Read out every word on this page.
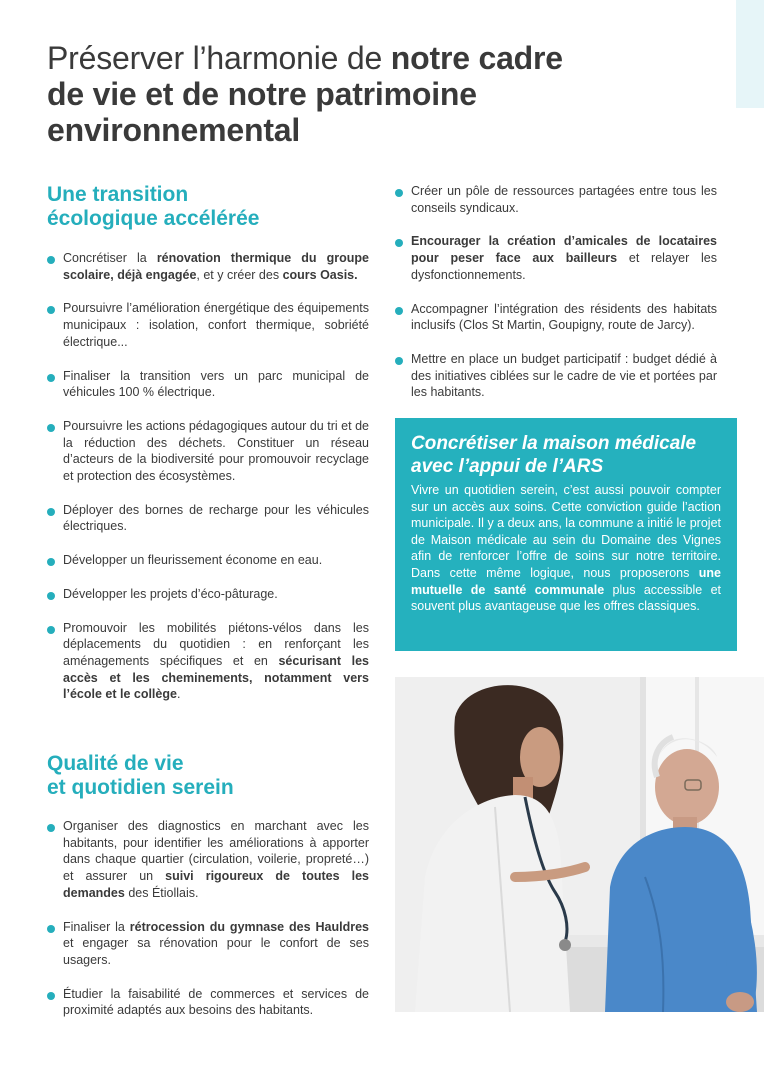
Préserver l’harmonie de notre cadre
de vie et de notre patrimoine
environnemental
Une transition
écologique accélérée
Concrétiser la rénovation thermique du groupe scolaire, déjà engagée, et y créer des cours Oasis.
Poursuivre l’amélioration énergétique des équipements municipaux : isolation, confort thermique, sobriété électrique...
Finaliser la transition vers un parc municipal de véhicules 100 % électrique.
Poursuivre les actions pédagogiques autour du tri et de la réduction des déchets. Constituer un réseau d’acteurs de la biodiversité pour promouvoir recyclage et protection des écosystèmes.
Déployer des bornes de recharge pour les véhicules électriques.
Développer un fleurissement économe en eau.
Développer les projets d’éco-pâturage.
Promouvoir les mobilités piétons-vélos dans les déplacements du quotidien : en renforçant les aménagements spécifiques et en sécurisant les accès et les cheminements, notamment vers l’école et le collège.
Qualité de vie
et quotidien serein
Organiser des diagnostics en marchant avec les habitants, pour identifier les améliorations à apporter dans chaque quartier (circulation, voilerie, propreté…) et assurer un suivi rigoureux de toutes les demandes des Étiollais.
Finaliser la rétrocession du gymnase des Hauldres et engager sa rénovation pour le confort de ses usagers.
Étudier la faisabilité de commerces et services de proximité adaptés aux besoins des habitants.
Créer un pôle de ressources partagées entre tous les conseils syndicaux.
Encourager la création d’amicales de locataires pour peser face aux bailleurs et relayer les dysfonctionnements.
Accompagner l’intégration des résidents des habitats inclusifs (Clos St Martin, Goupigny, route de Jarcy).
Mettre en place un budget participatif : budget dédié à des initiatives ciblées sur le cadre de vie et portées par les habitants.
Concrétiser la maison médicale
avec l’appui de l’ARS
Vivre un quotidien serein, c’est aussi pouvoir compter sur un accès aux soins. Cette conviction guide l’action municipale. Il y a deux ans, la commune a initié le projet de Maison médicale au sein du Domaine des Vignes afin de renforcer l’offre de soins sur notre territoire. Dans cette même logique, nous proposerons une mutuelle de santé communale plus accessible et souvent plus avantageuse que les offres classiques.
